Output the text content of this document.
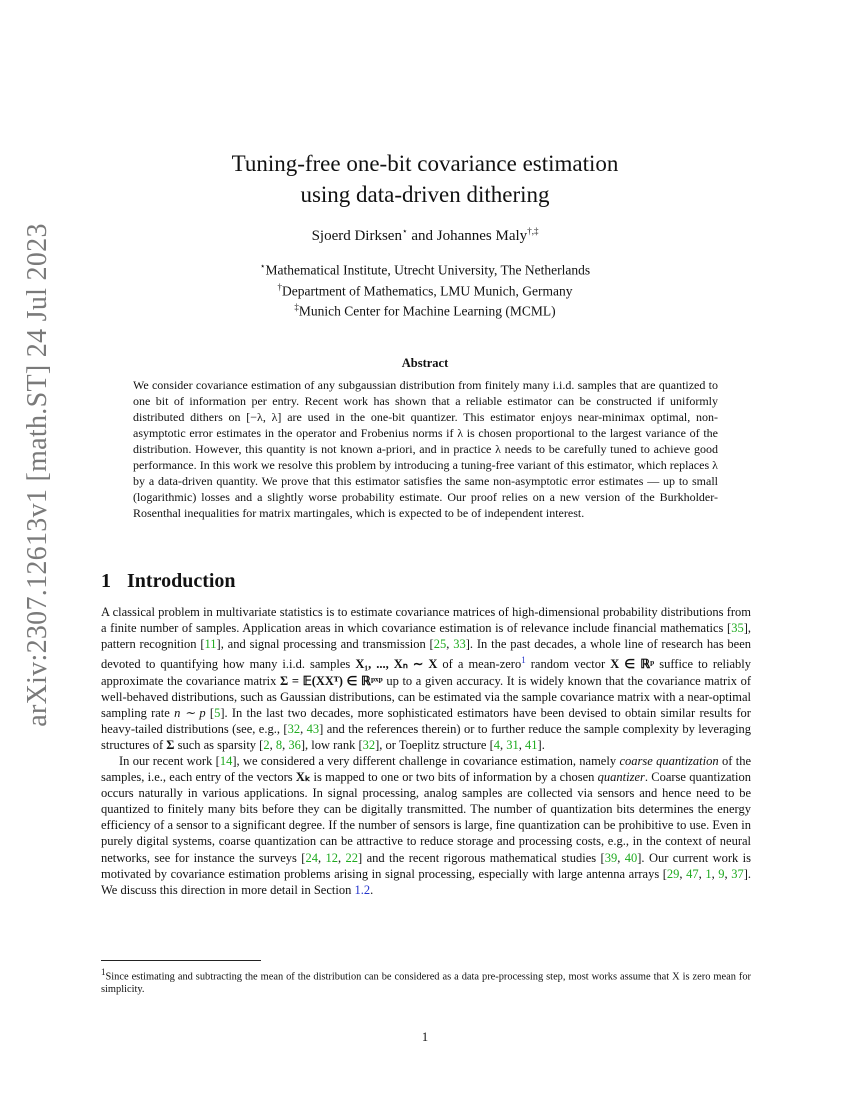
arXiv:2307.12613v1 [math.ST] 24 Jul 2023
Tuning-free one-bit covariance estimation
using data-driven dithering
Sjoerd Dirksen⋆ and Johannes Maly†,‡
⋆Mathematical Institute, Utrecht University, The Netherlands
†Department of Mathematics, LMU Munich, Germany
‡Munich Center for Machine Learning (MCML)
Abstract
We consider covariance estimation of any subgaussian distribution from finitely many i.i.d. samples that are quantized to one bit of information per entry. Recent work has shown that a reliable estimator can be constructed if uniformly distributed dithers on [−λ, λ] are used in the one-bit quantizer. This estimator enjoys near-minimax optimal, non-asymptotic error estimates in the operator and Frobenius norms if λ is chosen proportional to the largest variance of the distribution. However, this quantity is not known a-priori, and in practice λ needs to be carefully tuned to achieve good performance. In this work we resolve this problem by introducing a tuning-free variant of this estimator, which replaces λ by a data-driven quantity. We prove that this estimator satisfies the same non-asymptotic error estimates — up to small (logarithmic) losses and a slightly worse probability estimate. Our proof relies on a new version of the Burkholder-Rosenthal inequalities for matrix martingales, which is expected to be of independent interest.
1 Introduction

A classical problem in multivariate statistics is to estimate covariance matrices of high-dimensional probability distributions from a finite number of samples. Application areas in which covariance estimation is of relevance include financial mathematics [35], pattern recognition [11], and signal processing and transmission [25, 33]. In the past decades, a whole line of research has been devoted to quantifying how many i.i.d. samples X₁, ..., Xₙ ∼ X of a mean-zero$^1$ random vector X ∈ ℝᵖ suffice to reliably approximate the covariance matrix Σ = 𝔼(XXᵀ) ∈ ℝᵖˣᵖ up to a given accuracy. It is widely known that the covariance matrix of well-behaved distributions, such as Gaussian distributions, can be estimated via the sample covariance matrix with a near-optimal sampling rate n ∼ p [5]. In the last two decades, more sophisticated estimators have been devised to obtain similar results for heavy-tailed distributions (see, e.g., [32, 43] and the references therein) or to further reduce the sample complexity by leveraging structures of Σ such as sparsity [2, 8, 36], low rank [32], or Toeplitz structure [4, 31, 41].

In our recent work [14], we considered a very different challenge in covariance estimation, namely coarse quantization of the samples, i.e., each entry of the vectors Xₖ is mapped to one or two bits of information by a chosen quantizer. Coarse quantization occurs naturally in various applications. In signal processing, analog samples are collected via sensors and hence need to be quantized to finitely many bits before they can be digitally transmitted. The number of quantization bits determines the energy efficiency of a sensor to a significant degree. If the number of sensors is large, fine quantization can be prohibitive to use. Even in purely digital systems, coarse quantization can be attractive to reduce storage and processing costs, e.g., in the context of neural networks, see for instance the surveys [24, 12, 22] and the recent rigorous mathematical studies [39, 40]. Our current work is motivated by covariance estimation problems arising in signal processing, especially with large antenna arrays [29, 47, 1, 9, 37]. We discuss this direction in more detail in Section 1.2.

$^1$Since estimating and subtracting the mean of the distribution can be considered as a data pre-processing step, most works assume that X is zero mean for simplicity.
1
